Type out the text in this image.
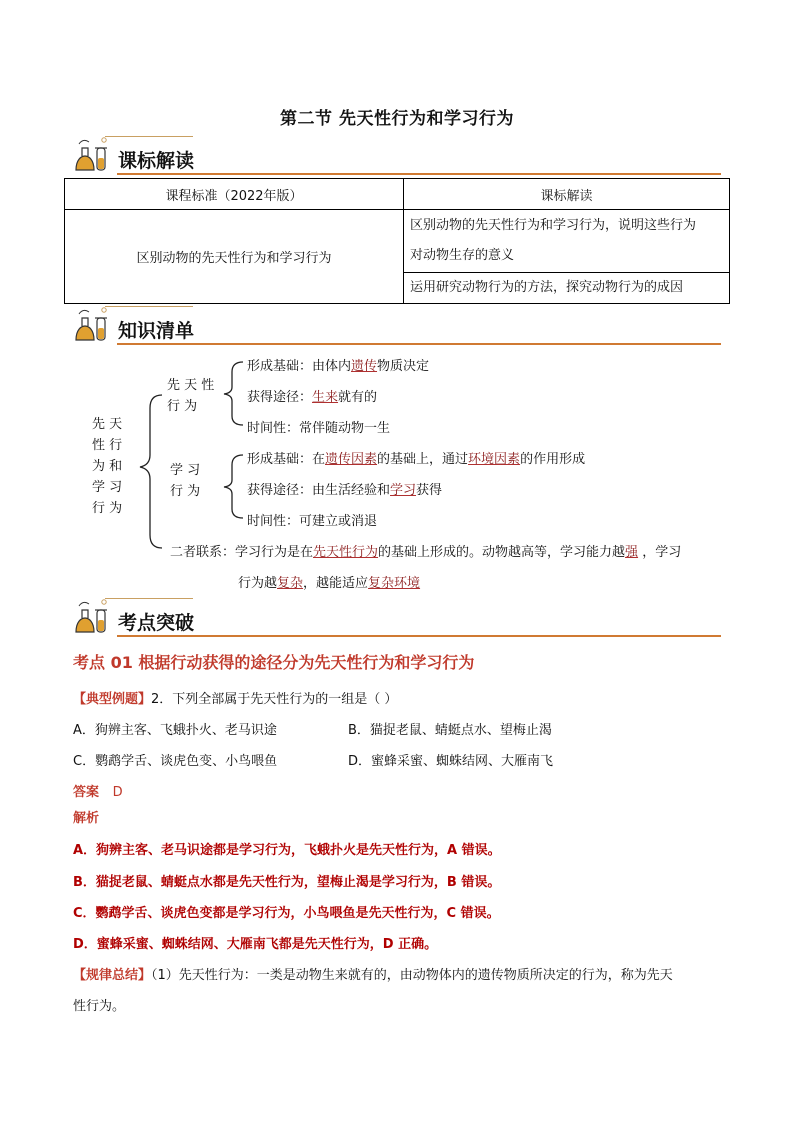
第二节 先天性行为和学习行为
课标解读
课程标准（2022年版）	课标解读
区别动物的先天性行为和学习行为	区别动物的先天性行为和学习行为，说明这些行为
对动物生存的意义
	运用研究动物行为的方法，探究动物行为的成因
知识清单
先 天
性 行
为 和
学 习
行 为
先 天 性
行 为
形成基础：由体内遗传物质决定
获得途径：生来就有的
时间性：常伴随动物一生
学 习
行 为
形成基础：在遗传因素的基础上，通过环境因素的作用形成
获得途径：由生活经验和学习获得
时间性：可建立或消退
二者联系：学习行为是在先天性行为的基础上形成的。动物越高等，学习能力越强 ，学习
行为越复杂，越能适应复杂环境
考点突破
考点 01 根据行动获得的途径分为先天性行为和学习行为
【典型例题】2．下列全部属于先天性行为的一组是（ ）
A．狗辨主客、飞蛾扑火、老马识途	B．猫捉老鼠、蜻蜓点水、望梅止渴
C．鹦鹉学舌、谈虎色变、小鸟喂鱼	D．蜜蜂采蜜、蜘蛛结网、大雁南飞
答案 D
解析
A．狗辨主客、老马识途都是学习行为，飞蛾扑火是先天性行为，A 错误。
B．猫捉老鼠、蜻蜓点水都是先天性行为，望梅止渴是学习行为，B 错误。
C．鹦鹉学舌、谈虎色变都是学习行为，小鸟喂鱼是先天性行为，C 错误。
D．蜜蜂采蜜、蜘蛛结网、大雁南飞都是先天性行为，D 正确。
【规律总结】（1）先天性行为：一类是动物生来就有的，由动物体内的遗传物质所决定的行为，称为先天
性行为。
